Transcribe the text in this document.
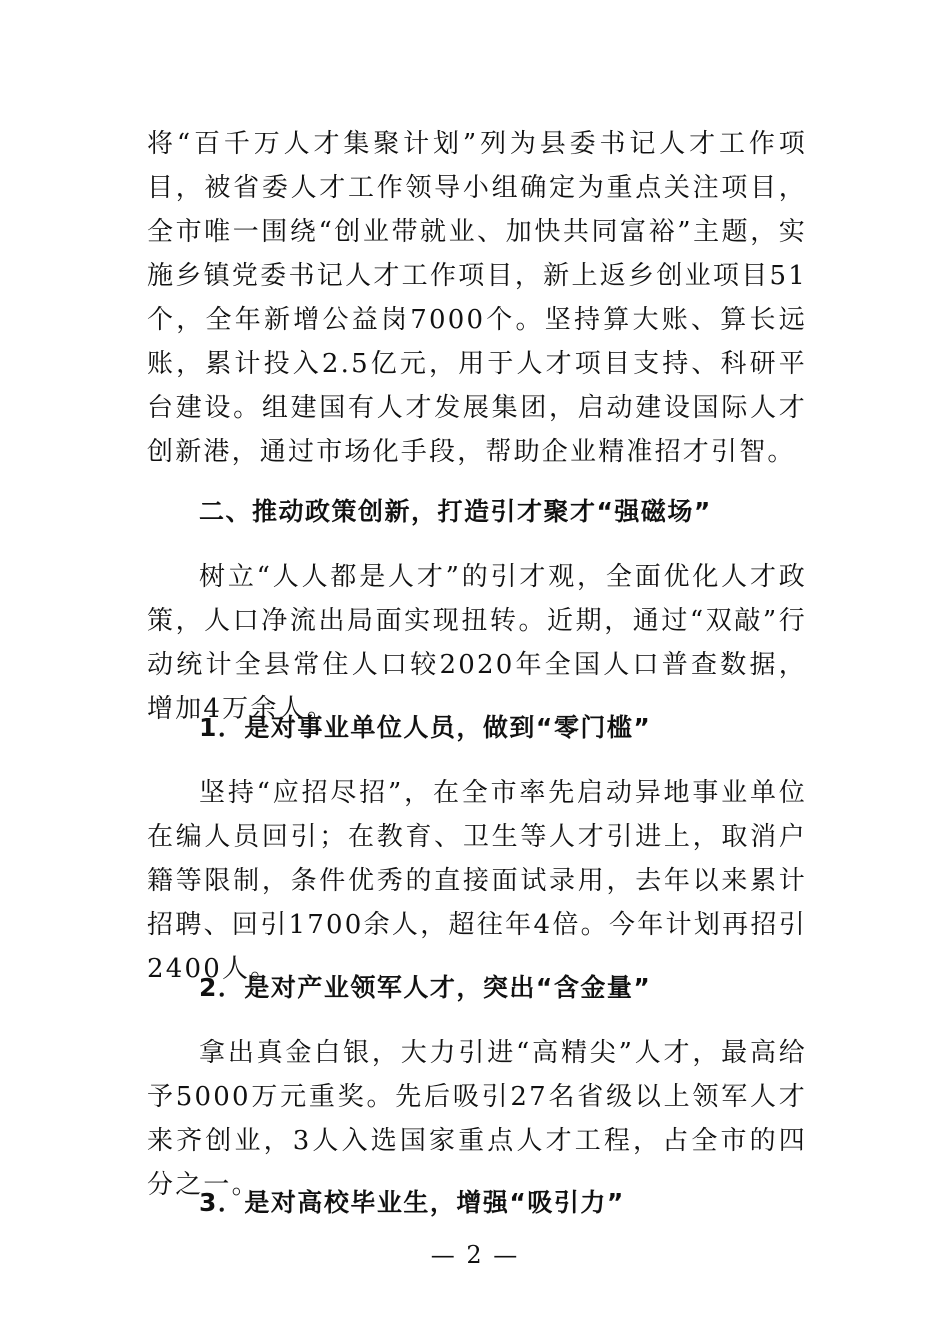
将“百千万人才集聚计划”列为县委书记人才工作项目，被省委人才工作领导小组确定为重点关注项目，全市唯一围绕“创业带就业、加快共同富裕”主题，实施乡镇党委书记人才工作项目，新上返乡创业项目51个，全年新增公益岗7000个。坚持算大账、算长远账，累计投入2.5亿元，用于人才项目支持、科研平台建设。组建国有人才发展集团，启动建设国际人才创新港，通过市场化手段，帮助企业精准招才引智。

二、推动政策创新，打造引才聚才“强磁场”

树立“人人都是人才”的引才观，全面优化人才政策，人口净流出局面实现扭转。近期，通过“双敲”行动统计全县常住人口较2020年全国人口普查数据，增加4万余人。

1．是对事业单位人员，做到“零门槛”

坚持“应招尽招”，在全市率先启动异地事业单位在编人员回引；在教育、卫生等人才引进上，取消户籍等限制，条件优秀的直接面试录用，去年以来累计招聘、回引1700余人，超往年4倍。今年计划再招引2400人。

2．是对产业领军人才，突出“含金量”

拿出真金白银，大力引进“高精尖”人才，最高给予5000万元重奖。先后吸引27名省级以上领军人才来齐创业，3人入选国家重点人才工程，占全市的四分之一。

3．是对高校毕业生，增强“吸引力”

— 2 —
